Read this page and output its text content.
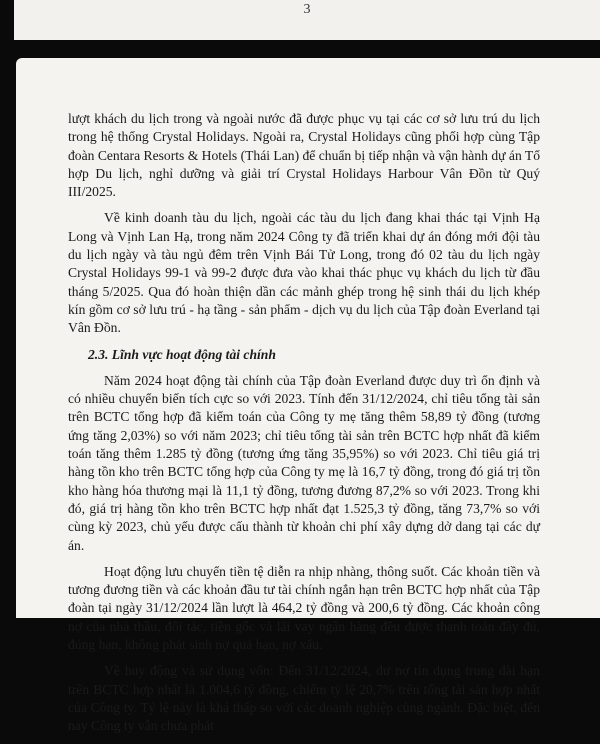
3

lượt khách du lịch trong và ngoài nước đã được phục vụ tại các cơ sở lưu trú du lịch trong hệ thống Crystal Holidays. Ngoài ra, Crystal Holidays cũng phối hợp cùng Tập đoàn Centara Resorts & Hotels (Thái Lan) để chuẩn bị tiếp nhận và vận hành dự án Tổ hợp Du lịch, nghỉ dưỡng và giải trí Crystal Holidays Harbour Vân Đồn từ Quý III/2025.

Về kinh doanh tàu du lịch, ngoài các tàu du lịch đang khai thác tại Vịnh Hạ Long và Vịnh Lan Hạ, trong năm 2024 Công ty đã triển khai dự án đóng mới đội tàu du lịch ngày và tàu ngủ đêm trên Vịnh Bái Tử Long, trong đó 02 tàu du lịch ngày Crystal Holidays 99-1 và 99-2 được đưa vào khai thác phục vụ khách du lịch từ đầu tháng 5/2025. Qua đó hoàn thiện dần các mảnh ghép trong hệ sinh thái du lịch khép kín gồm cơ sở lưu trú - hạ tầng - sản phẩm - dịch vụ du lịch của Tập đoàn Everland tại Vân Đồn.

2.3. Lĩnh vực hoạt động tài chính

Năm 2024 hoạt động tài chính của Tập đoàn Everland được duy trì ổn định và có nhiều chuyển biến tích cực so với 2023. Tính đến 31/12/2024, chỉ tiêu tổng tài sản trên BCTC tổng hợp đã kiểm toán của Công ty mẹ tăng thêm 58,89 tỷ đồng (tương ứng tăng 2,03%) so với năm 2023; chỉ tiêu tổng tài sản trên BCTC hợp nhất đã kiểm toán tăng thêm 1.285 tỷ đồng (tương ứng tăng 35,95%) so với 2023. Chỉ tiêu giá trị hàng tồn kho trên BCTC tổng hợp của Công ty mẹ là 16,7 tỷ đồng, trong đó giá trị tồn kho hàng hóa thương mại là 11,1 tỷ đồng, tương đương 87,2% so với 2023. Trong khi đó, giá trị hàng tồn kho trên BCTC hợp nhất đạt 1.525,3 tỷ đồng, tăng 73,7% so với cùng kỳ 2023, chủ yếu được cấu thành từ khoản chi phí xây dựng dở dang tại các dự án.

Hoạt động lưu chuyển tiền tệ diễn ra nhịp nhàng, thông suốt. Các khoản tiền và tương đương tiền và các khoản đầu tư tài chính ngắn hạn trên BCTC hợp nhất của Tập đoàn tại ngày 31/12/2024 lần lượt là 464,2 tỷ đồng và 200,6 tỷ đồng. Các khoản công nợ của nhà thầu, đối tác, tiền gốc và lãi vay ngân hàng đều được thanh toán đầy đủ, đúng hạn, không phát sinh nợ quá hạn, nợ xấu.

Về huy động và sử dụng vốn: Đến 31/12/2024, dư nợ tín dụng trung dài hạn trên BCTC hợp nhất là 1.004,6 tỷ đồng, chiếm tỷ lệ 20,7% trên tổng tài sản hợp nhất của Công ty. Tỷ lệ này là khá thấp so với các doanh nghiệp cùng ngành. Đặc biệt, đến nay Công ty vẫn chưa phát
